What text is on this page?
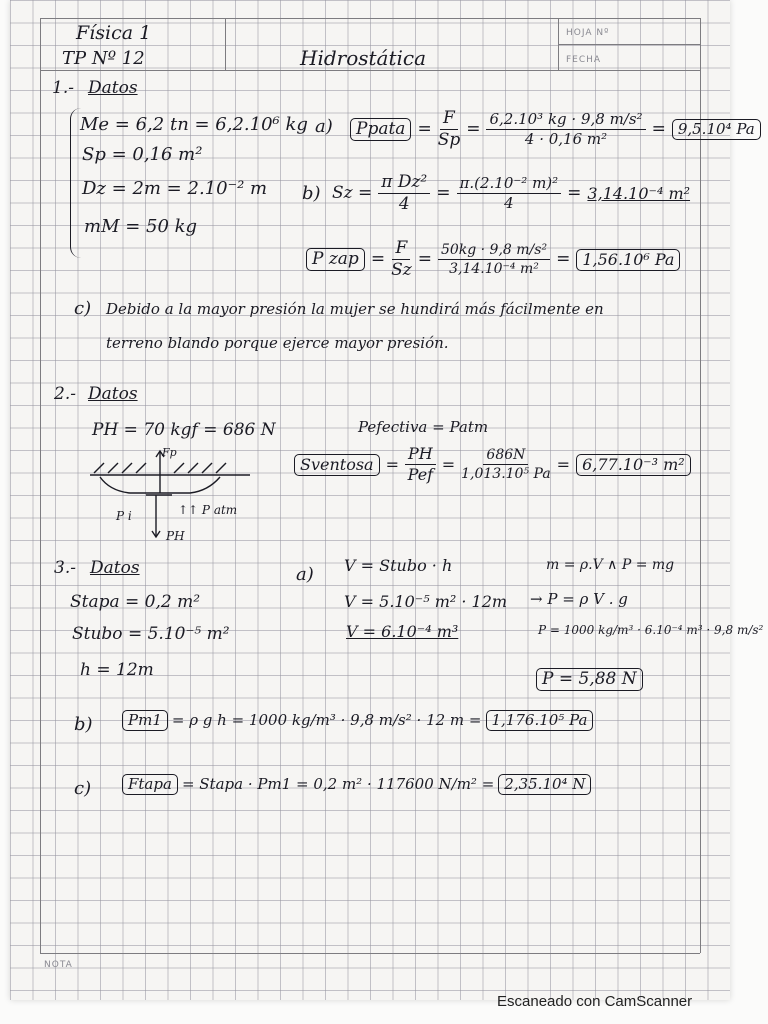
HOJA Nº
FECHA
NOTA
Física 1
TP Nº 12	Hidrostática
1.- Datos
Me = 6,2 tn = 6,2.10⁶ kg
Sp = 0,16 m²
Dz = 2m = 2.10⁻² m
mM = 50 kg
a)	Ppata = $\frac{F}{Sp} = \frac{\text{6,2.10³ kg · 9,8 m/s²}}{\text{4 · 0,16 m²}} = 9,5.10^4$ Pa
b) $Sz = \frac{\text{π Dz²}}{4} = \frac{\text{π.(2.10⁻² m)²}}{4} = 3,14.10^{-4}$ m²
P zap = $\frac{F}{Sz} = \frac{\text{50kg · 9,8 m/s²}}{\text{3,14.10⁻⁴ m²}} = 1,56.10^6$ Pa
c) Debido a la mayor presión la mujer se hundirá más fácilmente en
terreno blando porque ejerce mayor presión.
2.- Datos
PH = 70 kgf = 686 N	Pefectiva = Patm
Sventosa = $\frac{PH}{\text{Pef}} = \frac{686N}{\text{1,013.10⁵ Pa}} = 6,77.10^{-3}$ m²
Fp
P i	↑↑ P atm
PH
3.- Datos
Stapa = 0,2 m²
Stubo = 5.10⁻⁵ m²
h = 12m
a) V = Stubo · h
V = 5.10⁻⁵ m² · 12m
V = 6.10⁻⁴ m³
m = ρ.V ∧ P = mg
→ P = ρ V . g
P = 1000 kg/m³ · 6.10⁻⁴ m³ · 9,8 m/s²
P = 5,88 N
b)	Pm1 = ρ g h = 1000 kg/m³ · 9,8 m/s² · 12 m = 1,176.10⁵ Pa
c)	Ftapa = Stapa · Pm1 = 0,2 m² · 117600 N/m² = 2,35.10⁴ N
Escaneado con CamScanner
